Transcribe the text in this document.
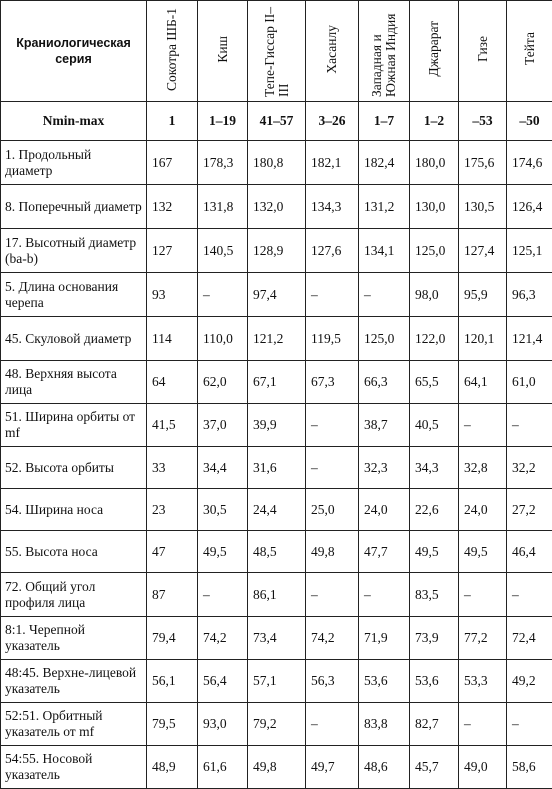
Краниологическая серия	Сокотра ШБ-1	Киш	Тепе-Гиссар II–III	Хасанлу	Западная и Южная Индия	Джарарат	Гизе	Тейта
Nmin-max	1	1–19	41–57	3–26	1–7	1–2	–53	–50
1. Продольный диаметр	167	178,3	180,8	182,1	182,4	180,0	175,6	174,6
8. Поперечный диаметр	132	131,8	132,0	134,3	131,2	130,0	130,5	126,4
17. Высотный диаметр (ba-b)	127	140,5	128,9	127,6	134,1	125,0	127,4	125,1
5. Длина основания черепа	93	–	97,4	–	–	98,0	95,9	96,3
45. Скуловой диаметр	114	110,0	121,2	119,5	125,0	122,0	120,1	121,4
48. Верхняя высота лица	64	62,0	67,1	67,3	66,3	65,5	64,1	61,0
51. Ширина орбиты от mf	41,5	37,0	39,9	–	38,7	40,5	–	–
52. Высота орбиты	33	34,4	31,6	–	32,3	34,3	32,8	32,2
54. Ширина носа	23	30,5	24,4	25,0	24,0	22,6	24,0	27,2
55. Высота носа	47	49,5	48,5	49,8	47,7	49,5	49,5	46,4
72. Общий угол профиля лица	87	–	86,1	–	–	83,5	–	–
8:1. Черепной указатель	79,4	74,2	73,4	74,2	71,9	73,9	77,2	72,4
48:45. Верхне-лицевой указатель	56,1	56,4	57,1	56,3	53,6	53,6	53,3	49,2
52:51. Орбитный указатель от mf	79,5	93,0	79,2	–	83,8	82,7	–	–
54:55. Носовой указатель	48,9	61,6	49,8	49,7	48,6	45,7	49,0	58,6
